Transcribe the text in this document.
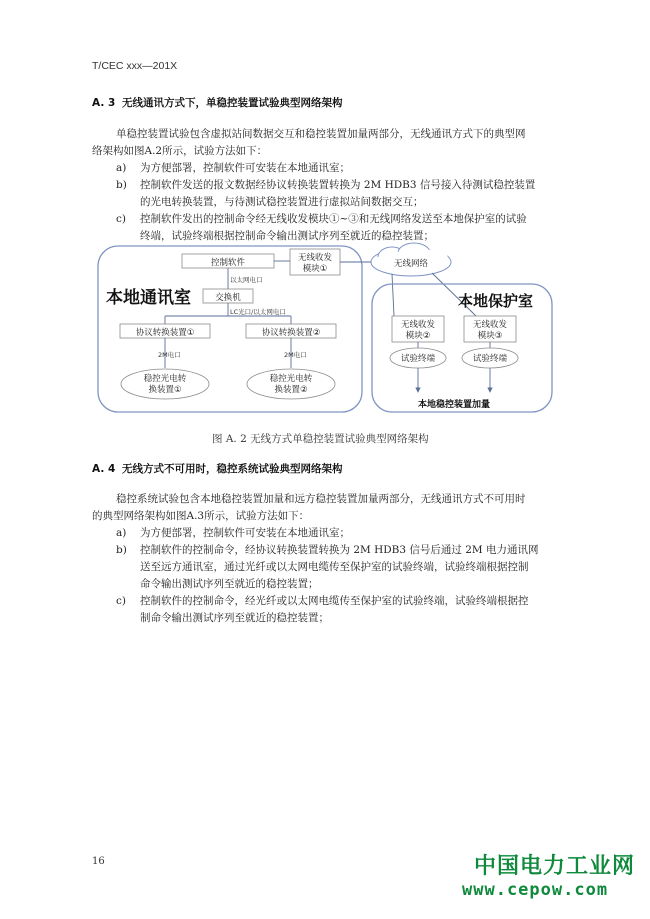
T/CEC xxx—201X
A. 3 无线通讯方式下，单稳控装置试验典型网络架构
单稳控装置试验包含虚拟站间数据交互和稳控装置加量两部分，无线通讯方式下的典型网
络架构如图A.2所示，试验方法如下：
a) 为方便部署，控制软件可安装在本地通讯室；
b) 控制软件发送的报文数据经协议转换装置转换为 2M HDB3 信号接入待测试稳控装置
的光电转换装置，与待测试稳控装置进行虚拟站间数据交互；
c) 控制软件发出的控制命令经无线收发模块①~③和无线网络发送至本地保护室的试验
终端，试验终端根据控制命令输出测试序列至就近的稳控装置；
本地通讯室
控制软件	无线收发
模块①
以太网电口
交换机
LC光口/以太网电口
协议转换装置①	协议转换装置②
2M电口	2M电口
稳控光电转
换装置①
稳控光电转
换装置②
无线网络
本地保护室
无线收发
模块②
无线收发
模块③
试验终端	试验终端
本地稳控装置加量
图 A. 2 无线方式单稳控装置试验典型网络架构
A. 4 无线方式不可用时，稳控系统试验典型网络架构
稳控系统试验包含本地稳控装置加量和远方稳控装置加量两部分，无线通讯方式不可用时
的典型网络架构如图A.3所示，试验方法如下：
a) 为方便部署，控制软件可安装在本地通讯室；
b) 控制软件的控制命令，经协议转换装置转换为 2M HDB3 信号后通过 2M 电力通讯网
送至远方通讯室，通过光纤或以太网电缆传至保护室的试验终端，试验终端根据控制
命令输出测试序列至就近的稳控装置；
c) 控制软件的控制命令，经光纤或以太网电缆传至保护室的试验终端，试验终端根据控
制命令输出测试序列至就近的稳控装置；
16	中国电力工业网
www.cepow.com
